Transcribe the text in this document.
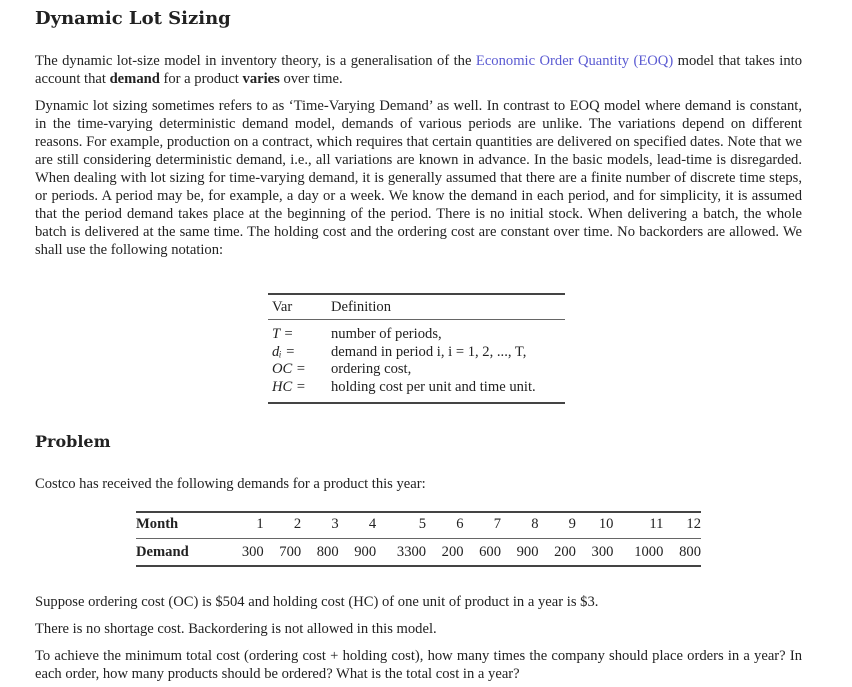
Dynamic Lot Sizing
The dynamic lot-size model in inventory theory, is a generalisation of the Economic Order Quantity (EOQ) model that takes into account that demand for a product varies over time.
Dynamic lot sizing sometimes refers to as ‘Time-Varying Demand’ as well. In contrast to EOQ model where demand is constant, in the time-varying deterministic demand model, demands of various periods are unlike. The variations depend on different reasons. For example, production on a contract, which requires that certain quantities are delivered on specified dates. Note that we are still considering deterministic demand, i.e., all variations are known in advance. In the basic models, lead-time is disregarded. When dealing with lot sizing for time-varying demand, it is generally assumed that there are a finite number of discrete time steps, or periods. A period may be, for example, a day or a week. We know the demand in each period, and for simplicity, it is assumed that the period demand takes place at the beginning of the period. There is no initial stock. When delivering a batch, the whole batch is delivered at the same time. The holding cost and the ordering cost are constant over time. No backorders are allowed. We shall use the following notation:
Var	Definition
T =	number of periods,
dᵢ =	demand in period i, i = 1, 2, ..., T,
OC =	ordering cost,
HC =	holding cost per unit and time unit.
Problem
Costco has received the following demands for a product this year:
Month	1	2	3	4	5	6	7	8	9	10	11	12
Demand	300	700	800	900	3300	200	600	900	200	300	1000	800
Suppose ordering cost (OC) is $504 and holding cost (HC) of one unit of product in a year is $3.
There is no shortage cost. Backordering is not allowed in this model.
To achieve the minimum total cost (ordering cost + holding cost), how many times the company should place orders in a year? In each order, how many products should be ordered? What is the total cost in a year?
